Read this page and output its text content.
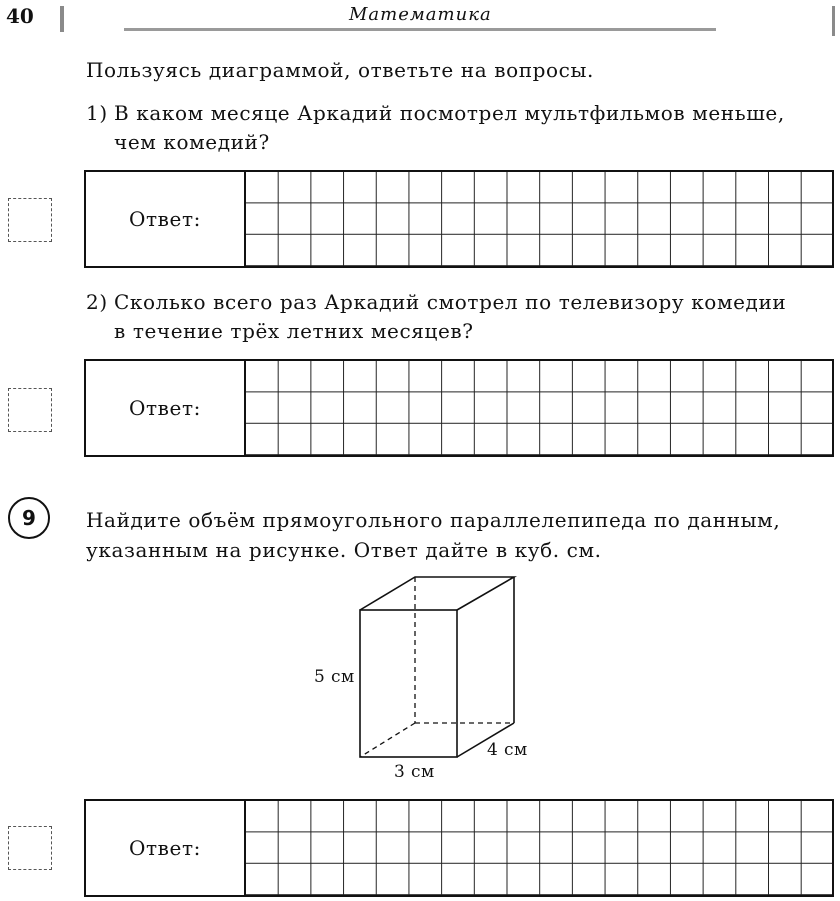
40	Математика
Пользуясь диаграммой, ответьте на вопросы.
1) В каком месяце Аркадий посмотрел мультфильмов меньше,
чем комедий?
Ответ:
2) Сколько всего раз Аркадий смотрел по телевизору комедии
в течение трёх летних месяцев?
Ответ:
9	Найдите объём прямоугольного параллелепипеда по данным,
указанным на рисунке. Ответ дайте в куб. см.
5 см
4 см
3 см
Ответ:
